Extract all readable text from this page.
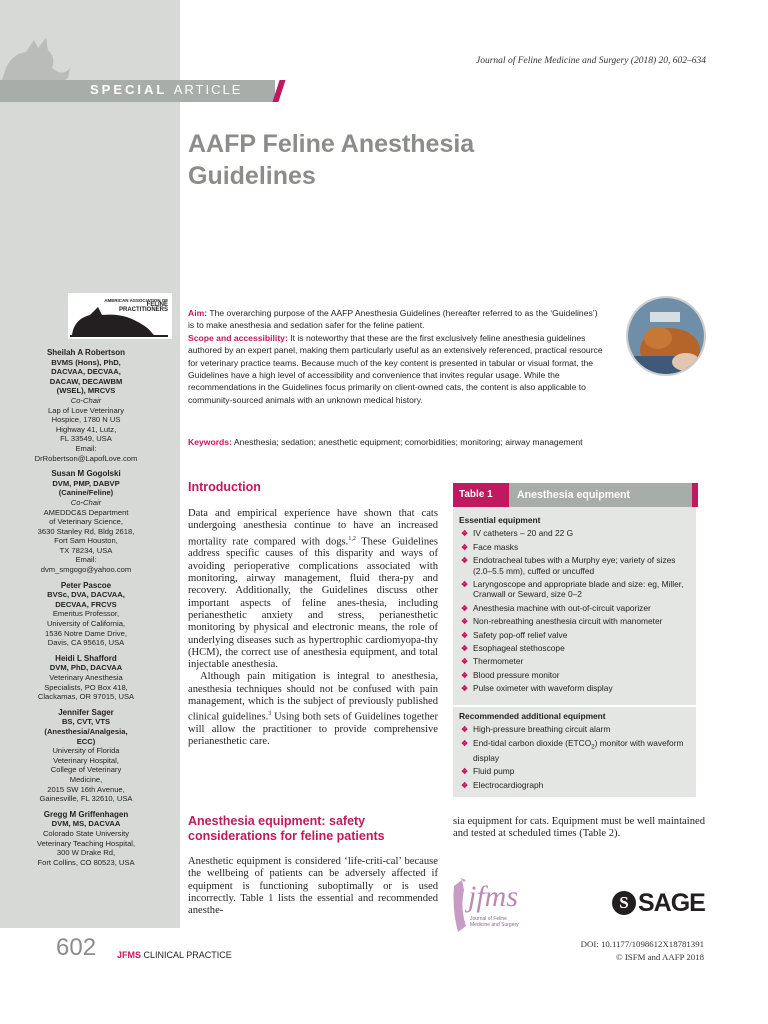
SPECIAL ARTICLE
Journal of Feline Medicine and Surgery (2018) 20, 602–634
AAFP Feline Anesthesia
Guidelines
AMERICAN ASSOCIATION OF
FELINE
PRACTITIONERS
Sheilah A Robertson
BVMS (Hons), PhD,
DACVAA, DECVAA,
DACAW, DECAWBM
(WSEL), MRCVS
Co-Chair
Lap of Love Veterinary
Hospice, 1780 N US
Highway 41, Lutz,
FL 33549, USA
Email:
DrRobertson@LapofLove.com
Susan M Gogolski
DVM, PMP, DABVP
(Canine/Feline)
Co-Chair
AMEDDC&S Department
of Veterinary Science,
3630 Stanley Rd, Bldg 2618,
Fort Sam Houston,
TX 78234, USA
Email:
dvm_smgogo@yahoo.com
Peter Pascoe
BVSc, DVA, DACVAA,
DECVAA, FRCVS
Emeritus Professor,
University of California,
1536 Notre Dame Drive,
Davis, CA 95616, USA
Heidi L Shafford
DVM, PhD, DACVAA
Veterinary Anesthesia
Specialists, PO Box 418,
Clackamas, OR 97015, USA
Jennifer Sager
BS, CVT, VTS
(Anesthesia/Analgesia,
ECC)
University of Florida
Veterinary Hospital,
College of Veterinary
Medicine,
2015 SW 16th Avenue,
Gainesville, FL 32610, USA
Gregg M Griffenhagen
DVM, MS, DACVAA
Colorado State University
Veterinary Teaching Hospital,
300 W Drake Rd,
Fort Collins, CO 80523, USA
Aim: The overarching purpose of the AAFP Anesthesia Guidelines (hereafter referred to as the ‘Guidelines’) is to make anesthesia and sedation safer for the feline patient.
Scope and accessibility: It is noteworthy that these are the first exclusively feline anesthesia guidelines authored by an expert panel, making them particularly useful as an extensively referenced, practical resource for veterinary practice teams. Because much of the key content is presented in tabular or visual format, the Guidelines have a high level of accessibility and convenience that invites regular usage. While the recommendations in the Guidelines focus primarily on client-owned cats, the content is also applicable to community-sourced animals with an unknown medical history.
Keywords: Anesthesia; sedation; anesthetic equipment; comorbidities; monitoring; airway management
Introduction

Data and empirical experience have shown that cats undergoing anesthesia continue to have an increased mortality rate compared with dogs.$^{1,2}$ These Guidelines address specific causes of this disparity and ways of avoiding perioperative complications associated with monitoring, airway management, fluid thera-py and recovery. Additionally, the Guidelines discuss other important aspects of feline anes-thesia, including perianesthetic anxiety and stress, perianesthetic monitoring by physical and electronic means, the role of underlying diseases such as hypertrophic cardiomyopa-thy (HCM), the correct use of anesthesia equipment, and total injectable anesthesia.

Although pain mitigation is integral to anesthesia, anesthesia techniques should not be confused with pain management, which is the subject of previously published clinical guidelines.$^3$ Using both sets of Guidelines together will allow the practitioner to provide comprehensive perianesthetic care.

Anesthesia equipment: safety considerations for feline patients

Anesthetic equipment is considered ‘life-criti-cal’ because the wellbeing of patients can be adversely affected if equipment is functioning suboptimally or is used incorrectly. Table 1 lists the essential and recommended anesthe-

sia equipment for cats. Equipment must be well maintained and tested at scheduled times (Table 2).
Table 1	Anesthesia equipment
Essential equipment
❖ IV catheters – 20 and 22 G
❖ Face masks
❖ Endotracheal tubes with a Murphy eye; variety of sizes (2.0–5.5 mm), cuffed or uncuffed
❖ Laryngoscope and appropriate blade and size: eg, Miller, Cranwall or Seward, size 0–2
❖ Anesthesia machine with out-of-circuit vaporizer
❖ Non-rebreathing anesthesia circuit with manometer
❖ Safety pop-off relief valve
❖ Esophageal stethoscope
❖ Thermometer
❖ Blood pressure monitor
❖ Pulse oximeter with waveform display
Recommended additional equipment
❖ High-pressure breathing circuit alarm
❖ End-tidal carbon dioxide $(ETCO_2)$ monitor with waveform display
❖ Fluid pump
❖ Electrocardiograph
jfms
Journal of Feline
Medicine and Surgery
S SAGE
602 JFMS CLINICAL PRACTICE
DOI: 10.1177/1098612X18781391
© ISFM and AAFP 2018
